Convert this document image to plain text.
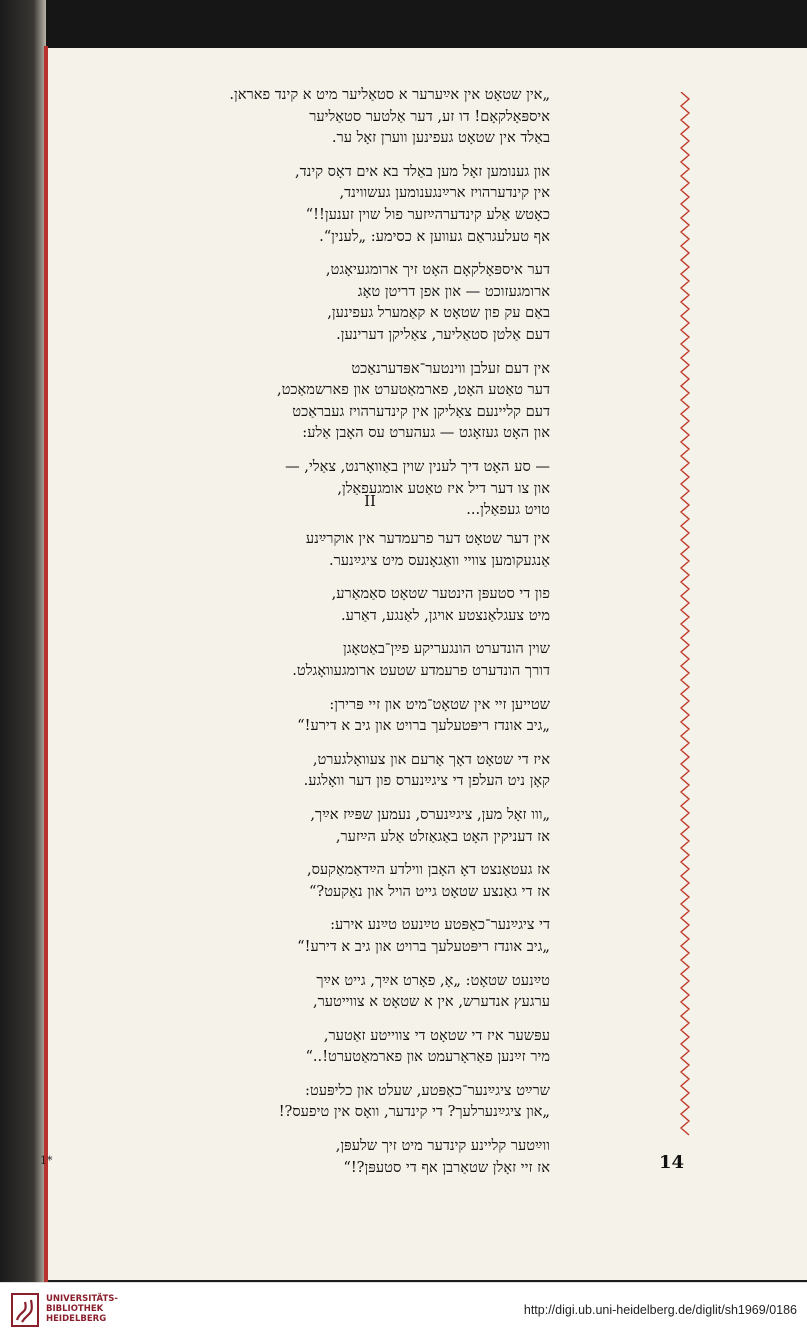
„אין שטאָט אין אײַערער א סטאַליער מיט א קינד פאראן.
איספּאָלקאָם! דו זע, דער אַלטער סטאַליער
באַלד אין שטאָט געפינען ווערן זאָל ער.
און גענומען זאָל מען באַלד בא אים דאָס קינד,
אין קינדערהויז ארײַנגענומען געשווינד,
כאָטש אַלע קינדערהײַזער פול שוין זענען!!“
אף טעלעגראַם געווען א כסימע: „לענין“.
דער איספּאָלקאָם האָט זיך ארומגעיאָגט,
ארומגעזוכט — און אפן דריטן טאָג
באַם עק פון שטאָט א קאַמערל געפינען,
דעם אַלטן סטאַליער, צאַליקן דערינען.
אין דעם זעלבן ווינטער־אפּדערנאַכט
דער טאַטע האָט, פארמאַטערט און פארשמאַכט,
דעם קליינעם צאַליקן אין קינדערהויז געבראַכט
און האָט געזאָגט — געהערט עס האָבן אַלע:
— סע האָט דיך לענין שוין באַוואָרנט, צאַלי, —
און צו דער דיל איז טאַטע אומגעפאַלן,
טויט געפאַלן...
II
אין דער שטאָט דער פרעמדער אין אוקרײַנע
אַנגעקומען צוויי וואַגאָנעס מיט ציגײַנער.
פון די סטעפּן הינטער שטאָט סאַמאַרע,
מיט צעגלאַנצטע אויגן, לאַנגע, דאַרע.
שוין הונדערט הונגעריקע פײַן־באַטאָגן
דורך הונדערט פרעמדע שטעט ארומגעוואָגלט.
שטייען זיי אין שטאָט־מיט און זיי פּרירן:
„גיב אונדז ריפּטעלעך ברויט און גיב א דירע!“
איז די שטאָט דאָך אָרעם און צעוואָלגערט,
קאָן ניט העלפן די ציגײַנערס פון דער וואָלגע.
„ווו זאָל מען, ציגײַנערס, נעמען שפּײַז אײַך,
אז דעניקין האָט באַגאַזלט אַלע הײַזער,
אז געטאַנצט דאָ האָבן ווילדע הײַדאַמאַקעס,
אז די גאַנצע שטאָט גייט הויל און נאַקעט?“
די ציגײַנער־כאַפּטע טײַנעט טײַנע אירע:
„גיב אונדז ריפּטעלעך ברויט און גיב א דירע!“
טײַנעט שטאָט: „אָ, פאָרט אײַך, גייט אײַך
ערגעץ אנדערש, אין א שטאָט א צווייטער,
עפּשער איז די שטאָט די צווייטע זאַטער,
מיר זײַנען פאַראָרעמט און פארמאַטערט!..“
שרײַט ציגײַנער־כאַפּטע, שעלט און כליפּעט:
„און ציגײַנערלעך? די קינדער, וואָס אין טיפעס?!
ווײַטער קליינע קינדער מיט זיך שלעפּן,
אז זיי זאָלן שטאַרבן אף די סטעפּן?!“
1*	14
UNIVERSITÄTS-
BIBLIOTHEK
HEIDELBERG
http://digi.ub.uni-heidelberg.de/diglit/sh1969/0186
